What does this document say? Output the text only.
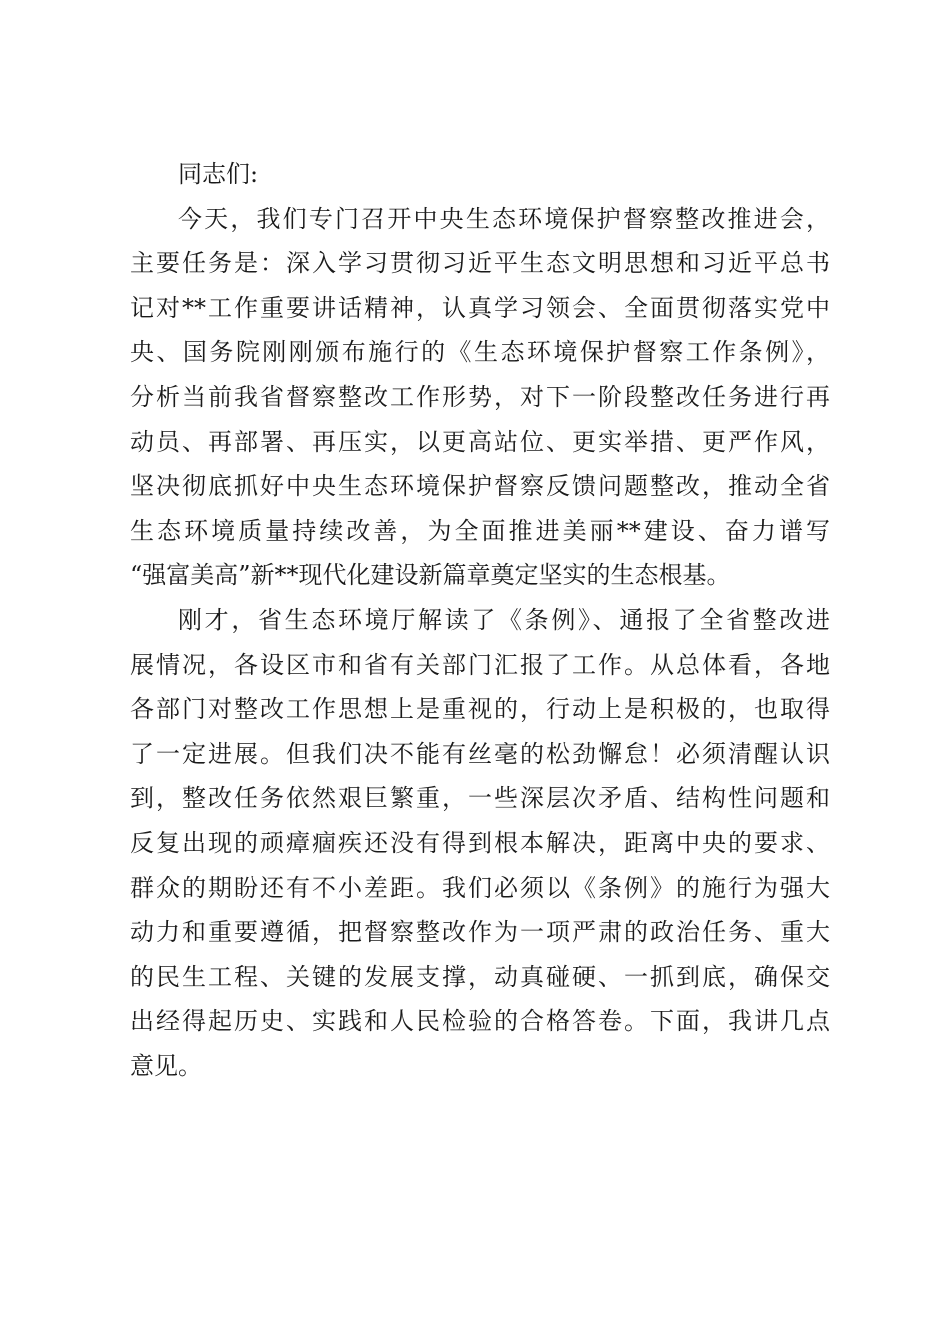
同志们:

今天，我们专门召开中央生态环境保护督察整改推进会，
主要任务是：深入学习贯彻习近平生态文明思想和习近平总书
记对**工作重要讲话精神，认真学习领会、全面贯彻落实党中
央、国务院刚刚颁布施行的《生态环境保护督察工作条例》，
分析当前我省督察整改工作形势，对下一阶段整改任务进行再
动员、再部署、再压实，以更高站位、更实举措、更严作风，
坚决彻底抓好中央生态环境保护督察反馈问题整改，推动全省
生态环境质量持续改善，为全面推进美丽**建设、奋力谱写
“强富美高”新**现代化建设新篇章奠定坚实的生态根基。
刚才，省生态环境厅解读了《条例》、通报了全省整改进
展情况，各设区市和省有关部门汇报了工作。从总体看，各地
各部门对整改工作思想上是重视的，行动上是积极的，也取得
了一定进展。但我们决不能有丝毫的松劲懈怠！必须清醒认识
到，整改任务依然艰巨繁重，一些深层次矛盾、结构性问题和
反复出现的顽瘴痼疾还没有得到根本解决，距离中央的要求、
群众的期盼还有不小差距。我们必须以《条例》的施行为强大
动力和重要遵循，把督察整改作为一项严肃的政治任务、重大
的民生工程、关键的发展支撑，动真碰硬、一抓到底，确保交
出经得起历史、实践和人民检验的合格答卷。下面，我讲几点
意见。
